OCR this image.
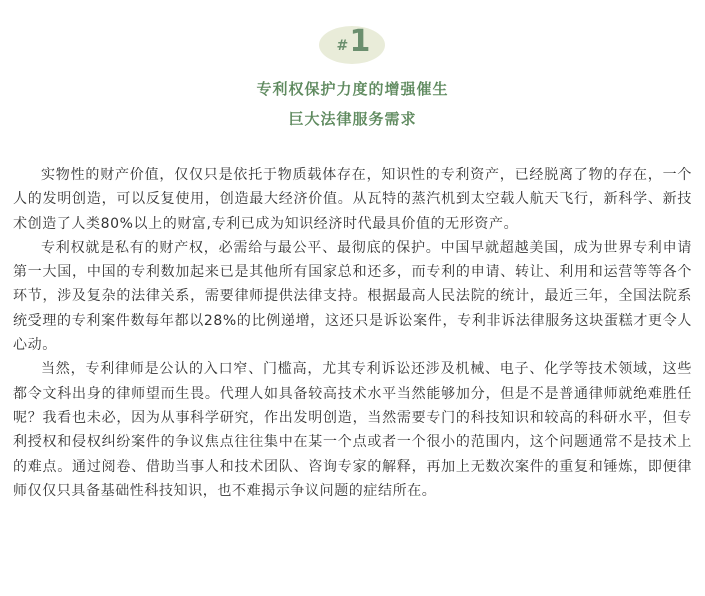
# 1
专利权保护力度的增强催生
巨大法律服务需求

实物性的财产价值，仅仅只是依托于物质载体存在，知识性的专利资产，已经脱离了物的存在，一个人的发明创造，可以反复使用，创造最大经济价值。从瓦特的蒸汽机到太空载人航天飞行，新科学、新技术创造了人类80%以上的财富,专利已成为知识经济时代最具价值的无形资产。

专利权就是私有的财产权，必需给与最公平、最彻底的保护。中国早就超越美国，成为世界专利申请第一大国，中国的专利数加起来已是其他所有国家总和还多，而专利的申请、转让、利用和运营等等各个环节，涉及复杂的法律关系，需要律师提供法律支持。根据最高人民法院的统计，最近三年，全国法院系统受理的专利案件数每年都以28%的比例递增，这还只是诉讼案件，专利非诉法律服务这块蛋糕才更令人心动。

当然，专利律师是公认的入口窄、门槛高，尤其专利诉讼还涉及机械、电子、化学等技术领域，这些都令文科出身的律师望而生畏。代理人如具备较高技术水平当然能够加分，但是不是普通律师就绝难胜任呢？我看也未必，因为从事科学研究，作出发明创造，当然需要专门的科技知识和较高的科研水平，但专利授权和侵权纠纷案件的争议焦点往往集中在某一个点或者一个很小的范围内，这个问题通常不是技术上的难点。通过阅卷、借助当事人和技术团队、咨询专家的解释，再加上无数次案件的重复和锤炼，即便律师仅仅只具备基础性科技知识，也不难揭示争议问题的症结所在。
